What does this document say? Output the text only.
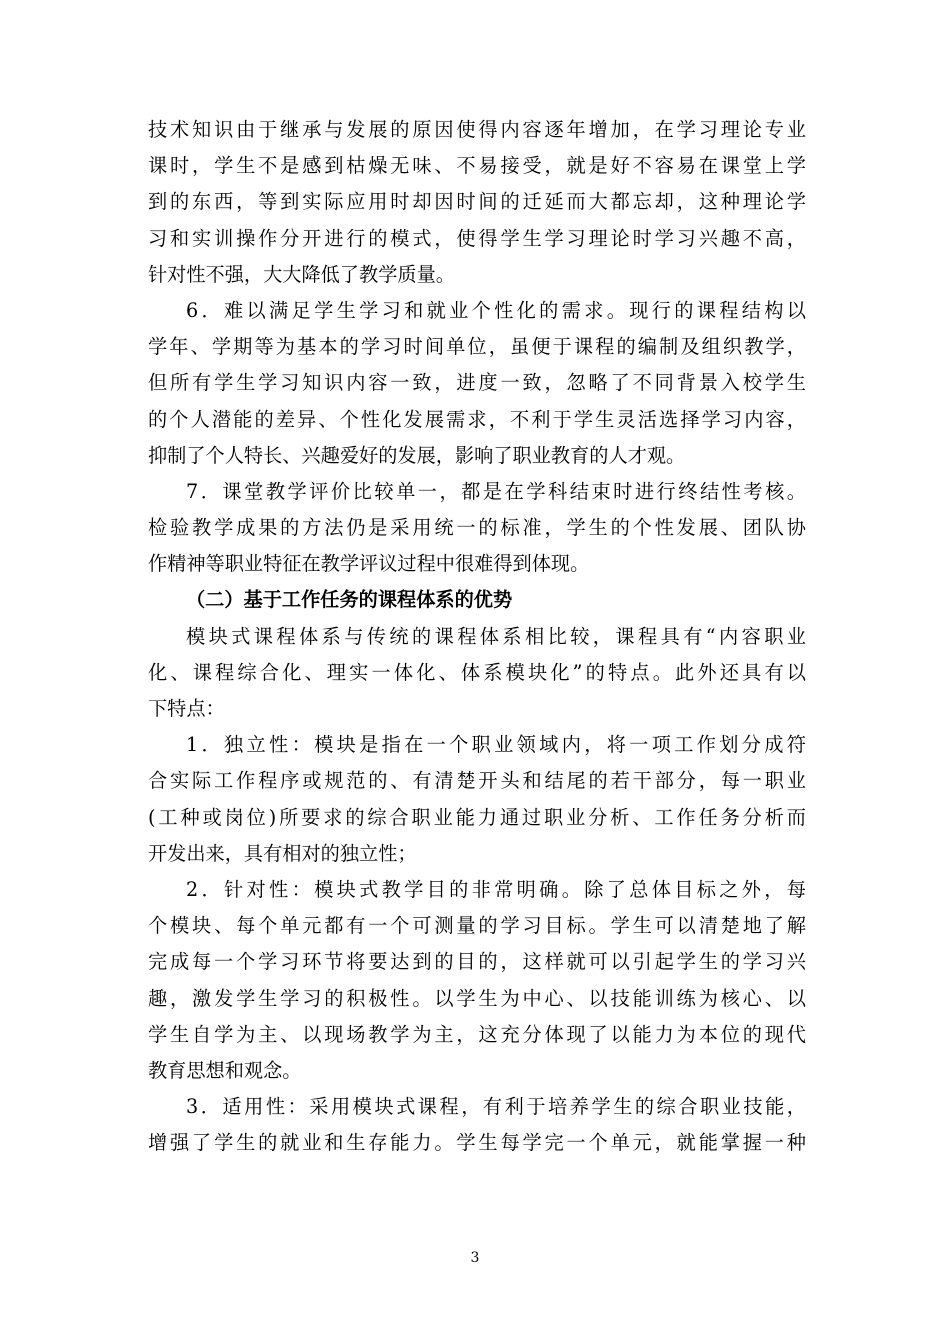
技术知识由于继承与发展的原因使得内容逐年增加，在学习理论专业
课时，学生不是感到枯燥无味、不易接受，就是好不容易在课堂上学
到的东西，等到实际应用时却因时间的迁延而大都忘却，这种理论学
习和实训操作分开进行的模式，使得学生学习理论时学习兴趣不高，
针对性不强，大大降低了教学质量。
6．难以满足学生学习和就业个性化的需求。现行的课程结构以
学年、学期等为基本的学习时间单位，虽便于课程的编制及组织教学，
但所有学生学习知识内容一致，进度一致，忽略了不同背景入校学生
的个人潜能的差异、个性化发展需求，不利于学生灵活选择学习内容，
抑制了个人特长、兴趣爱好的发展，影响了职业教育的人才观。
7．课堂教学评价比较单一，都是在学科结束时进行终结性考核。
检验教学成果的方法仍是采用统一的标准，学生的个性发展、团队协
作精神等职业特征在教学评议过程中很难得到体现。
（二）基于工作任务的课程体系的优势
模块式课程体系与传统的课程体系相比较，课程具有“内容职业
化、课程综合化、理实一体化、体系模块化”的特点。此外还具有以
下特点：
1．独立性：模块是指在一个职业领域内，将一项工作划分成符
合实际工作程序或规范的、有清楚开头和结尾的若干部分，每一职业
(工种或岗位)所要求的综合职业能力通过职业分析、工作任务分析而
开发出来，具有相对的独立性；
2．针对性：模块式教学目的非常明确。除了总体目标之外，每
个模块、每个单元都有一个可测量的学习目标。学生可以清楚地了解
完成每一个学习环节将要达到的目的，这样就可以引起学生的学习兴
趣，激发学生学习的积极性。以学生为中心、以技能训练为核心、以
学生自学为主、以现场教学为主，这充分体现了以能力为本位的现代
教育思想和观念。
3．适用性：采用模块式课程，有利于培养学生的综合职业技能，
增强了学生的就业和生存能力。学生每学完一个单元，就能掌握一种
3
